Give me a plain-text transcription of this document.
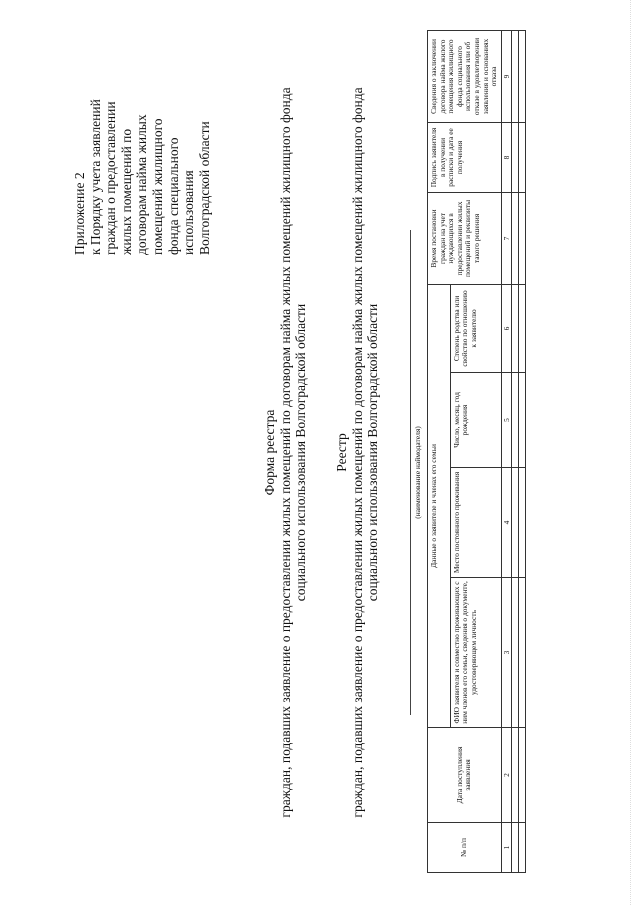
Приложение 2 к Порядку учета заявлений граждан о предоставлении жилых помещений по договорам найма жилых помещений жилищного фонда специального использования Волгоградской области
Форма реестра граждан, подавших заявление о предоставлении жилых помещений по договорам найма жилых помещений жилищного фонда социального использования Волгоградской области Реестр граждан, подавших заявление о предоставлении жилых помещений по договорам найма жилых помещений жилищного фонда социального использования Волгоградской области	(наименование наймодателя)
№ п/п	Дата поступления заявления	Данные о заявителе и членах его семьи				Время постановки граждан на учет нуждающихся в предоставлении жилых помещений и реквизиты такого решения	Подпись заявителя в получении расписки и дата ее получения	Сведения о заключении договора найма жилого помещения жилищного фонда социального использования или об отказе в удовлетворении заявления и основаниях отказа
		ФИО заявителя и совместно проживающих с ним членов его семьи, сведения о документе, удостоверяющем личность	Место постоянного проживания	Число, месяц, год рождения	Степень родства или свойство по отношению к заявителю			
1	2	3	4	5	6	7	8	9
